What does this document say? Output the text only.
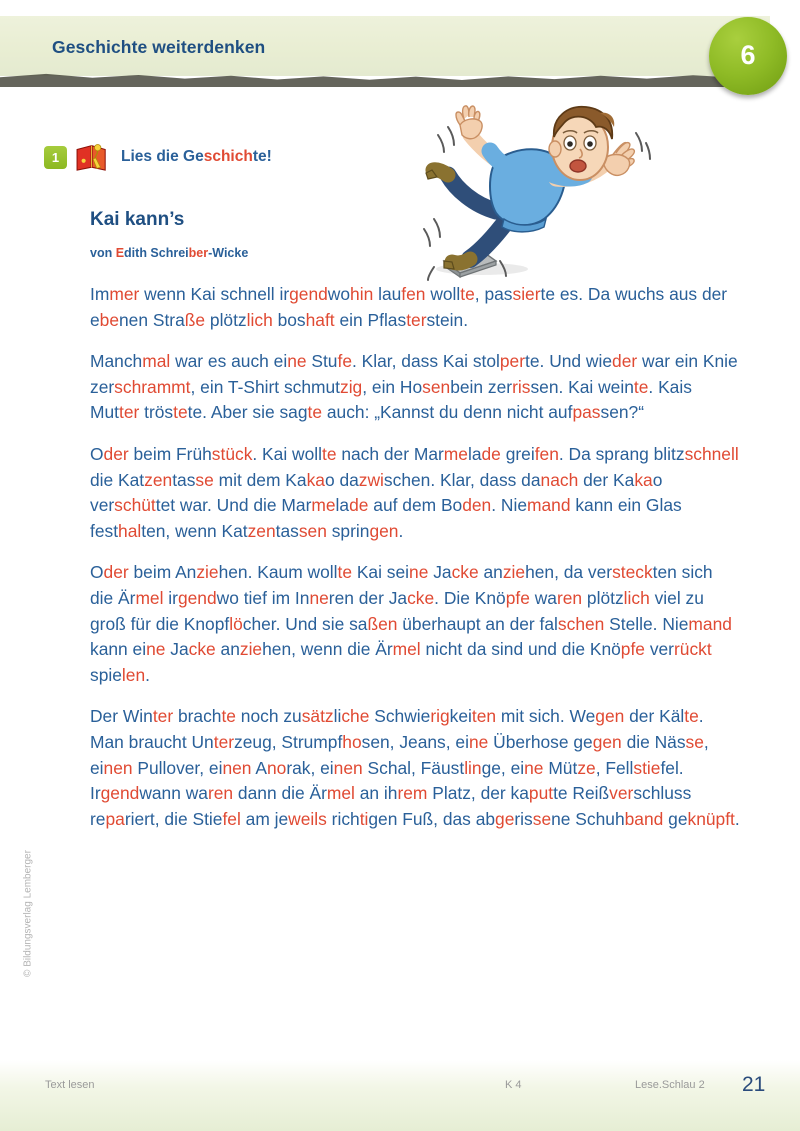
Geschichte weiterdenken	6
1	Lies die Geschichte!
Kai kann’s
von Edith Schreiber-Wicke

Immer wenn Kai schnell irgendwohin laufen wollte, passierte es. Da wuchs aus der ebenen Straße plötzlich boshaft ein Pflasterstein.

Manchmal war es auch eine Stufe. Klar, dass Kai stolperte. Und wieder war ein Knie zerschrammt, ein T-Shirt schmutzig, ein Hosenbein zerrissen. Kai weinte. Kais Mutter tröstete. Aber sie sagte auch: „Kannst du denn nicht aufpassen?“

Oder beim Frühstück. Kai wollte nach der Marmelade greifen. Da sprang blitzschnell die Katzentasse mit dem Kakao dazwischen. Klar, dass danach der Kakao verschüttet war. Und die Marmelade auf dem Boden. Niemand kann ein Glas festhalten, wenn Katzentassen springen.

Oder beim Anziehen. Kaum wollte Kai seine Jacke anziehen, da versteckten sich die Ärmel irgendwo tief im Inneren der Jacke. Die Knöpfe waren plötzlich viel zu groß für die Knopflöcher. Und sie saßen überhaupt an der falschen Stelle. Niemand kann eine Jacke anziehen, wenn die Ärmel nicht da sind und die Knöpfe verrückt spielen.

Der Winter brachte noch zusätzliche Schwierigkeiten mit sich. Wegen der Kälte. Man braucht Unterzeug, Strumpfhosen, Jeans, eine Überhose gegen die Nässe, einen Pullover, einen Anorak, einen Schal, Fäustlinge, eine Mütze, Fellstiefel. Irgendwann waren dann die Ärmel an ihrem Platz, der kaputte Reißverschluss repariert, die Stiefel am jeweils richtigen Fuß, das abgerissene Schuhband geknüpft.

© Bildungsverlag Lemberger
Text lesen	K 4	Lese.Schlau 2 21
